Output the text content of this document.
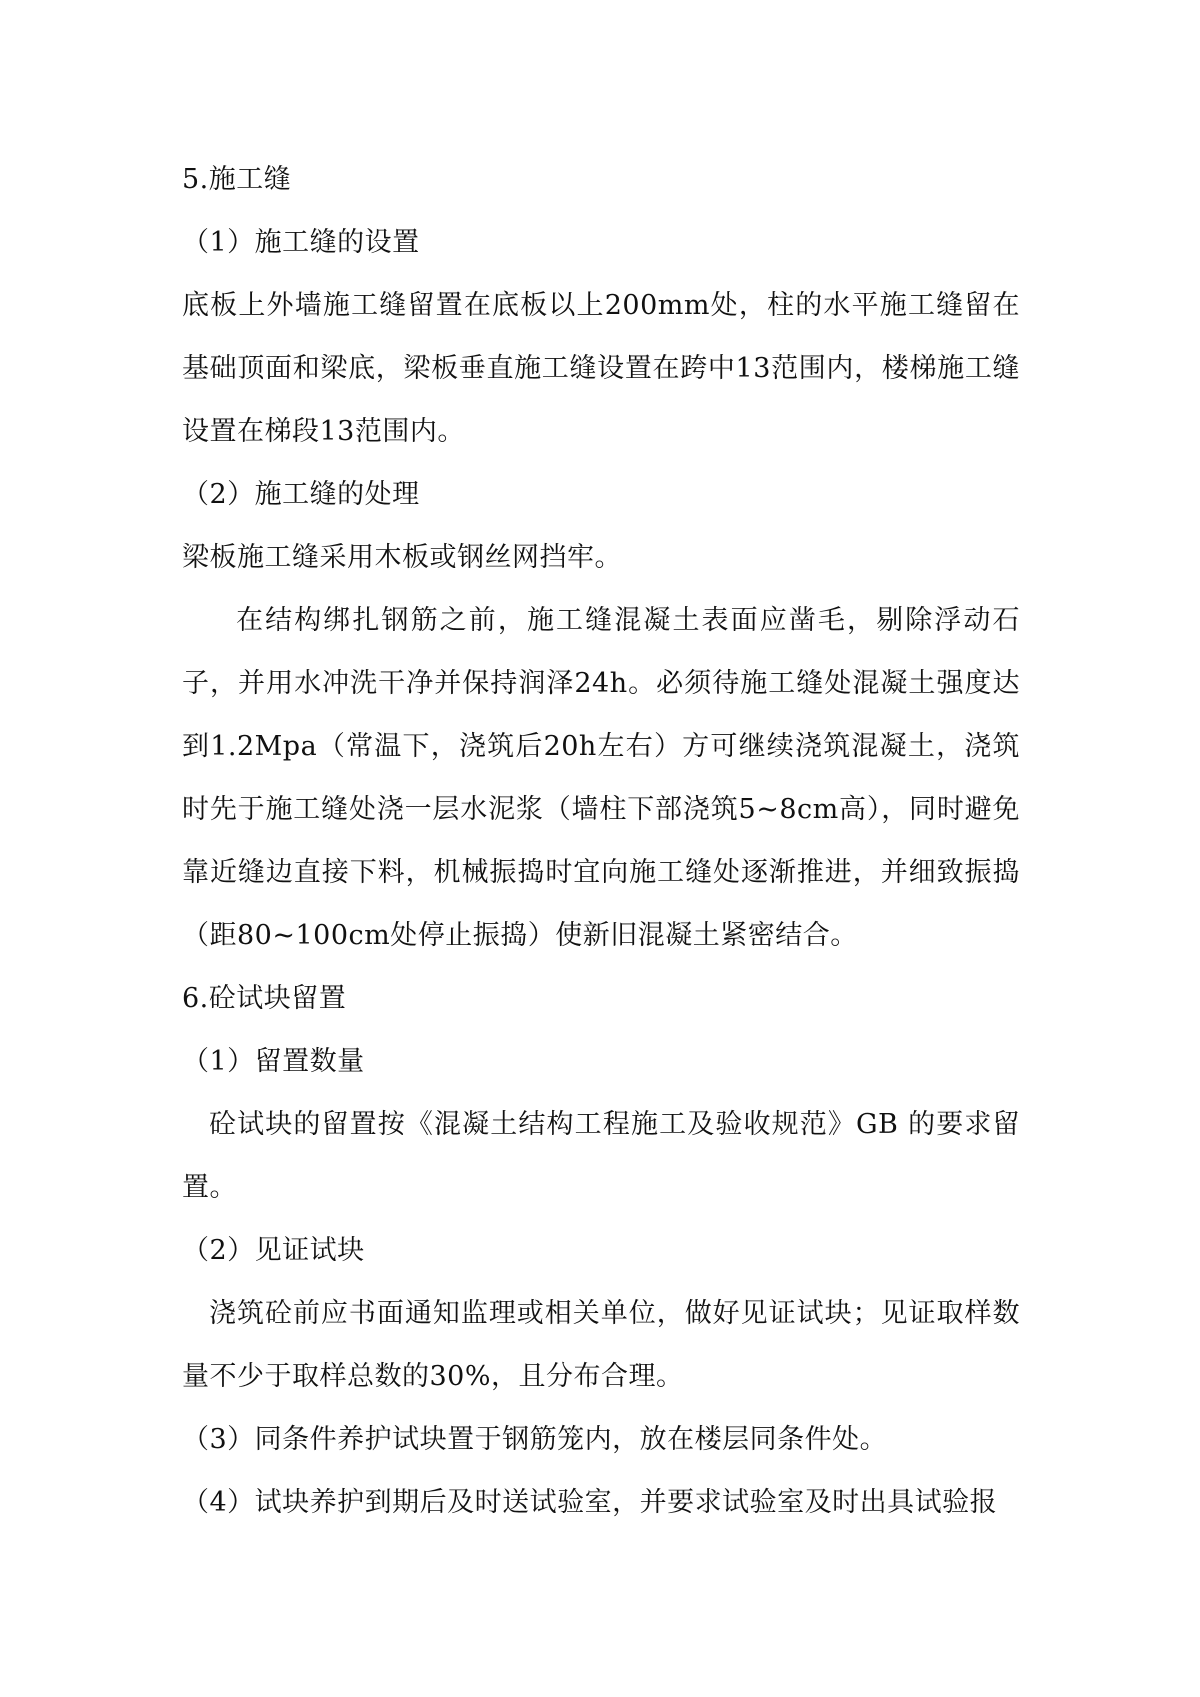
5.施工缝

（1）施工缝的设置

底板上外墙施工缝留置在底板以上200mm处，柱的水平施工缝留在基础顶面和梁底，梁板垂直施工缝设置在跨中13范围内，楼梯施工缝设置在梯段13范围内。

（2）施工缝的处理

梁板施工缝采用木板或钢丝网挡牢。

在结构绑扎钢筋之前，施工缝混凝土表面应凿毛，剔除浮动石子，并用水冲洗干净并保持润泽24h。必须待施工缝处混凝土强度达到1.2Mpa（常温下，浇筑后20h左右）方可继续浇筑混凝土，浇筑时先于施工缝处浇一层水泥浆（墙柱下部浇筑5~8cm高），同时避免靠近缝边直接下料，机械振捣时宜向施工缝处逐渐推进，并细致振捣（距80~100cm处停止振捣）使新旧混凝土紧密结合。

6.砼试块留置

（1）留置数量

砼试块的留置按《混凝土结构工程施工及验收规范》GB 的要求留置。

（2）见证试块

浇筑砼前应书面通知监理或相关单位，做好见证试块；见证取样数量不少于取样总数的30%，且分布合理。

（3）同条件养护试块置于钢筋笼内，放在楼层同条件处。

（4）试块养护到期后及时送试验室，并要求试验室及时出具试验报
